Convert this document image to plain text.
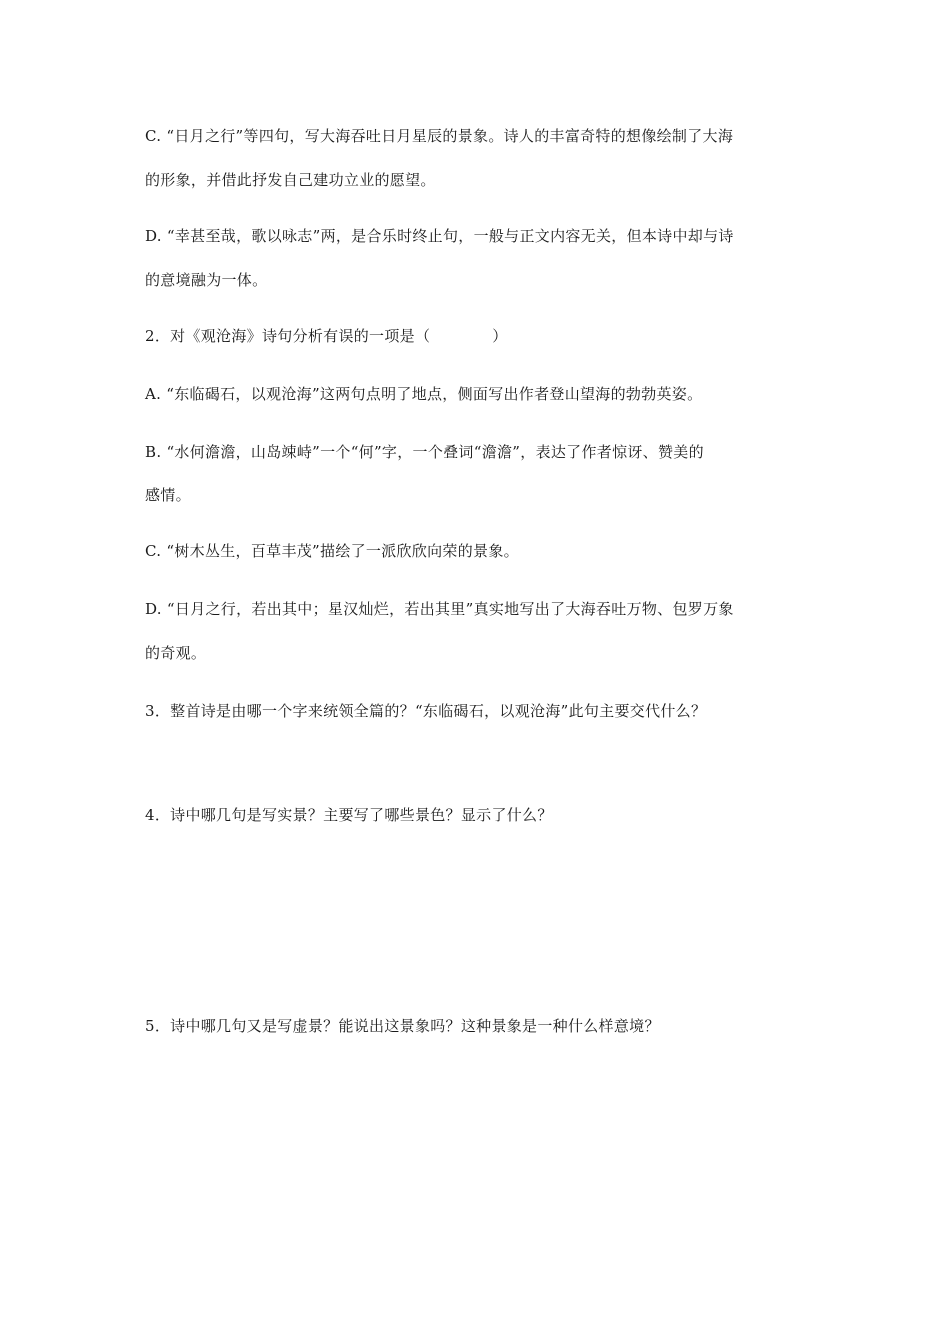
C. “日月之行”等四句，写大海吞吐日月星辰的景象。诗人的丰富奇特的想像绘制了大海
的形象，并借此抒发自己建功立业的愿望。
D. “幸甚至哉，歌以咏志”两，是合乐时终止句，一般与正文内容无关，但本诗中却与诗
的意境融为一体。
2．对《观沧海》诗句分析有误的一项是（	）
A. “东临碣石，以观沧海”这两句点明了地点，侧面写出作者登山望海的勃勃英姿。
B. “水何澹澹，山岛竦峙”一个“何”字，一个叠词“澹澹”，表达了作者惊讶、赞美的
感情。
C. “树木丛生，百草丰茂”描绘了一派欣欣向荣的景象。
D. “日月之行，若出其中；星汉灿烂，若出其里”真实地写出了大海吞吐万物、包罗万象
的奇观。
3．整首诗是由哪一个字来统领全篇的？“东临碣石，以观沧海”此句主要交代什么？
4．诗中哪几句是写实景？主要写了哪些景色？显示了什么？
5．诗中哪几句又是写虚景？能说出这景象吗？这种景象是一种什么样意境？
